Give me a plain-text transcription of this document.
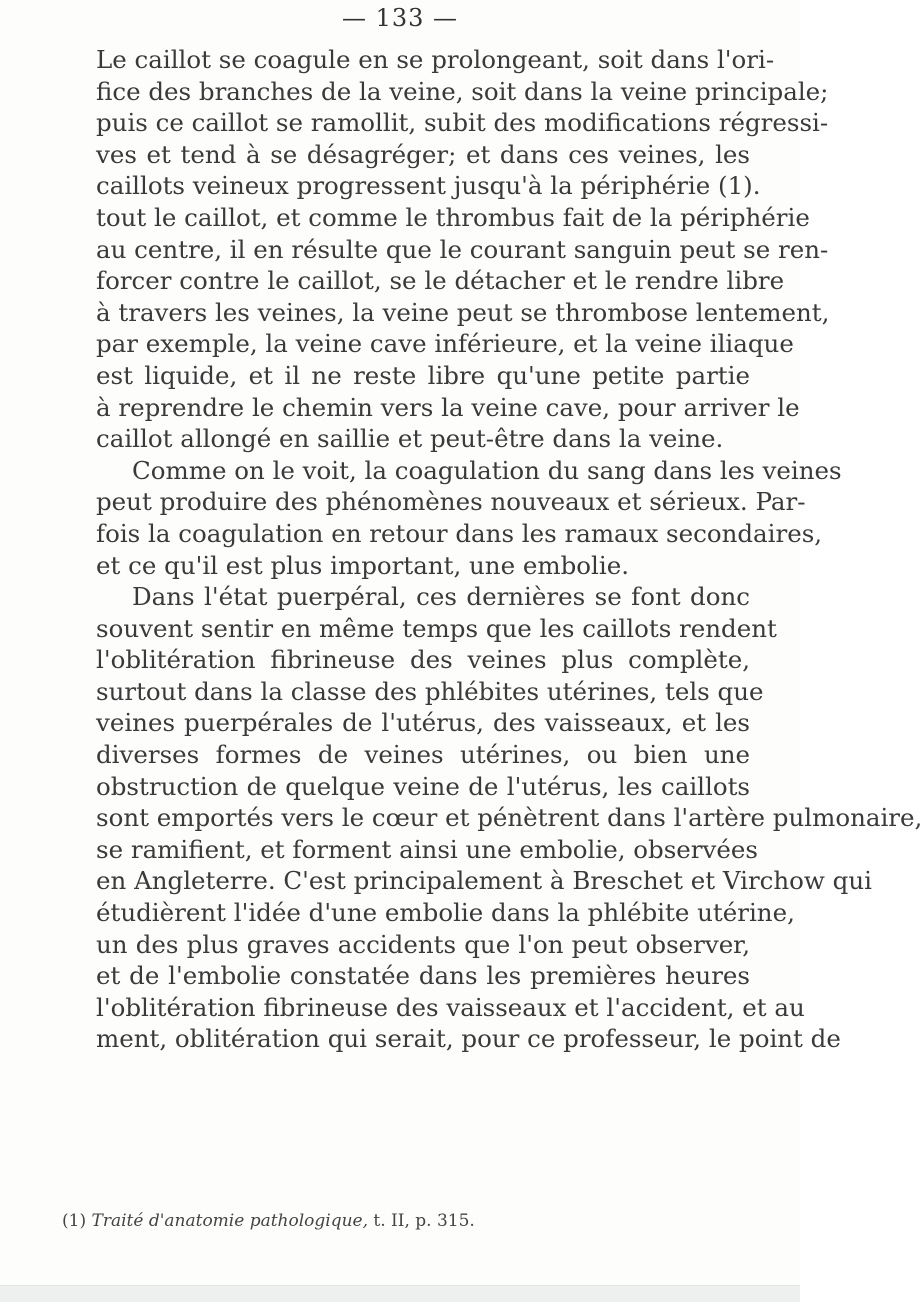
— 133 —

Le caillot se coagule en se prolongeant, soit dans l'ori-
fice des branches de la veine, soit dans la veine principale;
puis ce caillot se ramollit, subit des modifications régressi-
ves et tend à se désagréger; et dans ces veines, les
caillots veineux progressent jusqu'à la périphérie (1).
tout le caillot, et comme le thrombus fait de la périphérie
au centre, il en résulte que le courant sanguin peut se ren-
forcer contre le caillot, se le détacher et le rendre libre
à travers les veines, la veine peut se thrombose lentement,
par exemple, la veine cave inférieure, et la veine iliaque
est liquide, et il ne reste libre qu'une petite partie
à reprendre le chemin vers la veine cave, pour arriver le
caillot allongé en saillie et peut-être dans la veine.

Comme on le voit, la coagulation du sang dans les veines
peut produire des phénomènes nouveaux et sérieux. Par-
fois la coagulation en retour dans les ramaux secondaires,
et ce qu'il est plus important, une embolie.

Dans l'état puerpéral, ces dernières se font donc
souvent sentir en même temps que les caillots rendent
l'oblitération fibrineuse des veines plus complète,
surtout dans la classe des phlébites utérines, tels que
veines puerpérales de l'utérus, des vaisseaux, et les
diverses formes de veines utérines, ou bien une
obstruction de quelque veine de l'utérus, les caillots
sont emportés vers le cœur et pénètrent dans l'artère pulmonaire,
se ramifient, et forment ainsi une embolie, observées
en Angleterre. C'est principalement à Breschet et Virchow qui
étudièrent l'idée d'une embolie dans la phlébite utérine,
un des plus graves accidents que l'on peut observer,
et de l'embolie constatée dans les premières heures
l'oblitération fibrineuse des vaisseaux et l'accident, et au
ment, oblitération qui serait, pour ce professeur, le point de

(1) Traité d'anatomie pathologique, t. II, p. 315.
